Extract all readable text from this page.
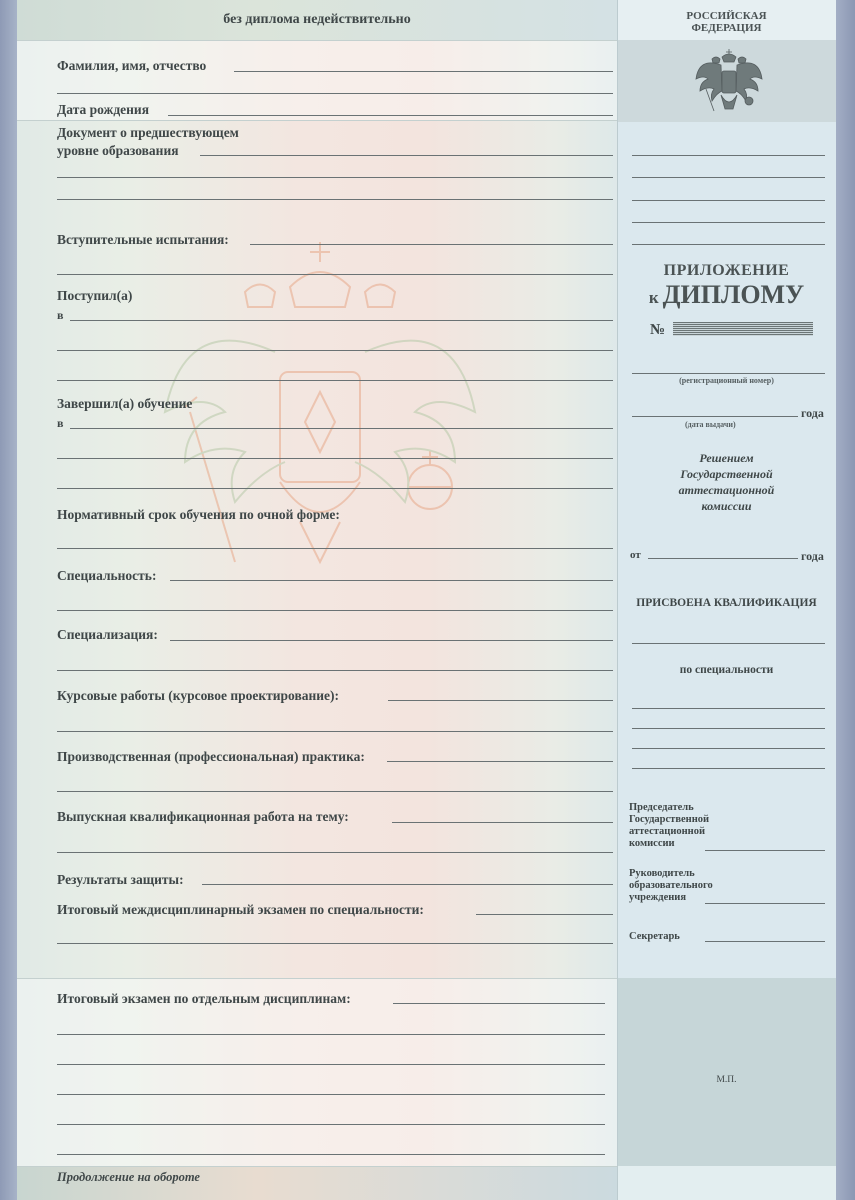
без диплома недействительно	РОССИЙСКАЯ
ФЕДЕРАЦИЯ
Фамилия, имя, отчество
Дата рождения
Документ о предшествующем
уровне образования
Вступительные испытания:
Поступил(а)
в
Завершил(а) обучение
в
Нормативный срок обучения по очной форме:
Специальность:
Специализация:
Курсовые работы (курсовое проектирование):
Производственная (профессиональная) практика:
Выпускная квалификационная работа на тему:
Результаты защиты:
Итоговый междисциплинарный экзамен по специальности:
Итоговый экзамен по отдельным дисциплинам:
Продолжение на обороте
ПРИЛОЖЕНИЕ
к ДИПЛОМУ
№
(регистрационный номер)
года
(дата выдачи)
Решением
Государственной
аттестационной
комиссии
от	года
ПРИСВОЕНА КВАЛИФИКАЦИЯ
по специальности
Председатель
Государственной
аттестационной
комиссии
Руководитель
образовательного
учреждения
Секретарь
М.П.
